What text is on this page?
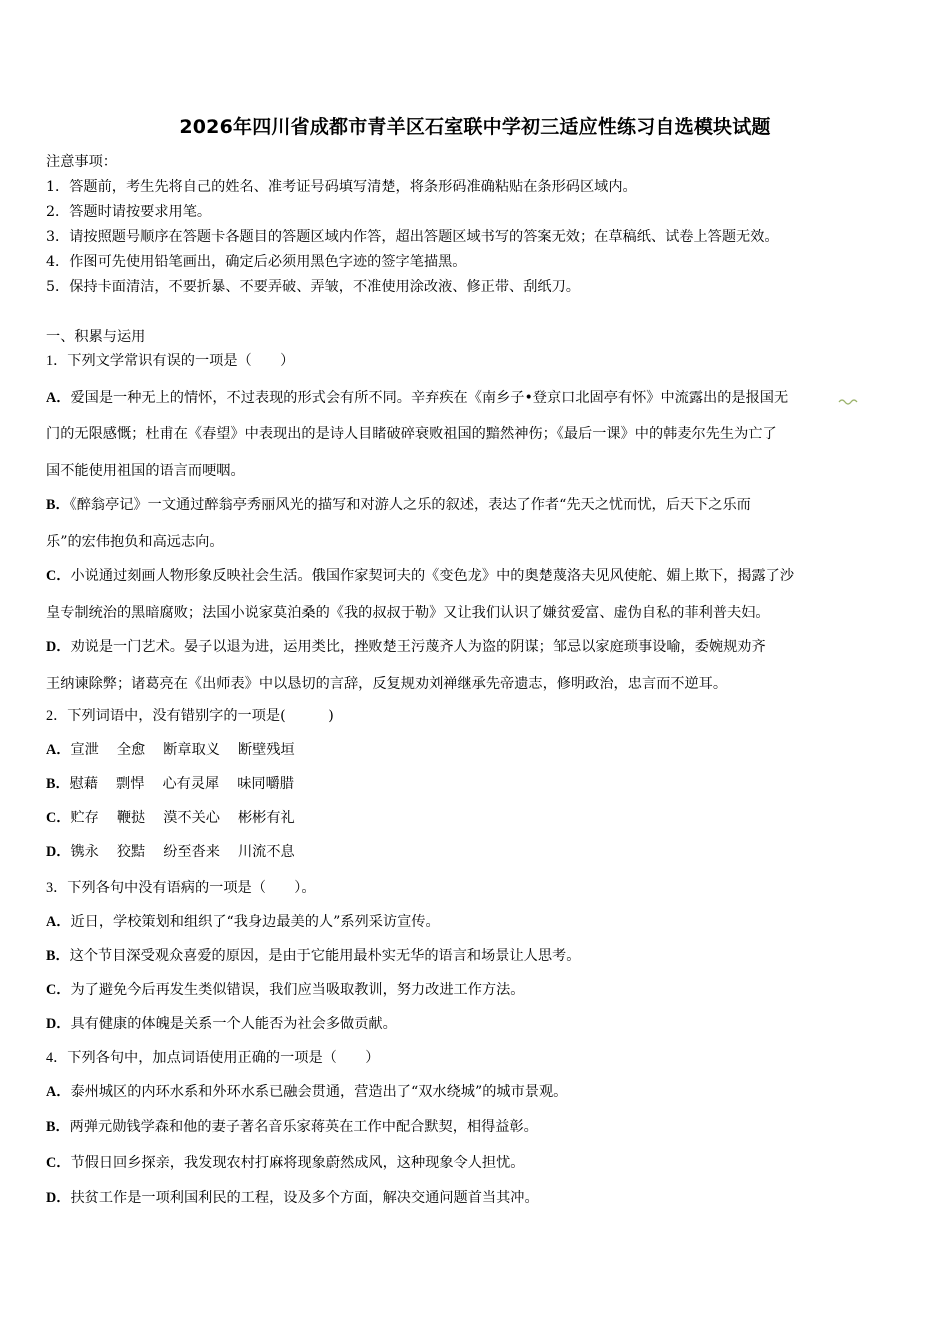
2026年四川省成都市青羊区石室联中学初三适应性练习自选模块试题
注意事项：
1．答题前，考生先将自己的姓名、准考证号码填写清楚，将条形码准确粘贴在条形码区域内。
2．答题时请按要求用笔。
3．请按照题号顺序在答题卡各题目的答题区域内作答，超出答题区域书写的答案无效；在草稿纸、试卷上答题无效。
4．作图可先使用铅笔画出，确定后必须用黑色字迹的签字笔描黑。
5．保持卡面清洁，不要折暴、不要弄破、弄皱，不准使用涂改液、修正带、刮纸刀。
一、积累与运用
1．下列文学常识有误的一项是（　　）
A．爱国是一种无上的情怀，不过表现的形式会有所不同。辛弃疾在《南乡子•登京口北固亭有怀》中流露出的是报国无
门的无限感慨；杜甫在《春望》中表现出的是诗人目睹破碎衰败祖国的黯然神伤；《最后一课》中的韩麦尔先生为亡了
国不能使用祖国的语言而哽咽。
B．《醉翁亭记》一文通过醉翁亭秀丽风光的描写和对游人之乐的叙述，表达了作者“先天之忧而忧，后天下之乐而
乐”的宏伟抱负和高远志向。
C．小说通过刻画人物形象反映社会生活。俄国作家契诃夫的《变色龙》中的奥楚蔑洛夫见风使舵、媚上欺下，揭露了沙
皇专制统治的黑暗腐败；法国小说家莫泊桑的《我的叔叔于勒》又让我们认识了嫌贫爱富、虚伪自私的菲利普夫妇。
D．劝说是一门艺术。晏子以退为进，运用类比，挫败楚王污蔑齐人为盗的阴谋；邹忌以家庭琐事设喻，委婉规劝齐
王纳谏除弊；诸葛亮在《出师表》中以恳切的言辞，反复规劝刘禅继承先帝遗志，修明政治，忠言而不逆耳。
2．下列词语中，没有错别字的一项是(　　　)
A．宣泄 全愈 断章取义 断壁残垣
B．慰藉 剽悍 心有灵犀 味同嚼腊
C．贮存 鞭挞 漠不关心 彬彬有礼
D．镌永 狡黠 纷至沓来 川流不息
3．下列各句中没有语病的一项是（　　）。
A．近日，学校策划和组织了“我身边最美的人”系列采访宣传。
B．这个节目深受观众喜爱的原因，是由于它能用最朴实无华的语言和场景让人思考。
C．为了避免今后再发生类似错误，我们应当吸取教训，努力改进工作方法。
D．具有健康的体魄是关系一个人能否为社会多做贡献。
4．下列各句中，加点词语使用正确的一项是（　　）
A．泰州城区的内环水系和外环水系已融会贯通，营造出了“双水绕城”的城市景观。
B．两弹元勋钱学森和他的妻子著名音乐家蒋英在工作中配合默契，相得益彰。
C．节假日回乡探亲，我发现农村打麻将现象蔚然成风，这种现象令人担忧。
D．扶贫工作是一项利国利民的工程，设及多个方面，解决交通问题首当其冲。
